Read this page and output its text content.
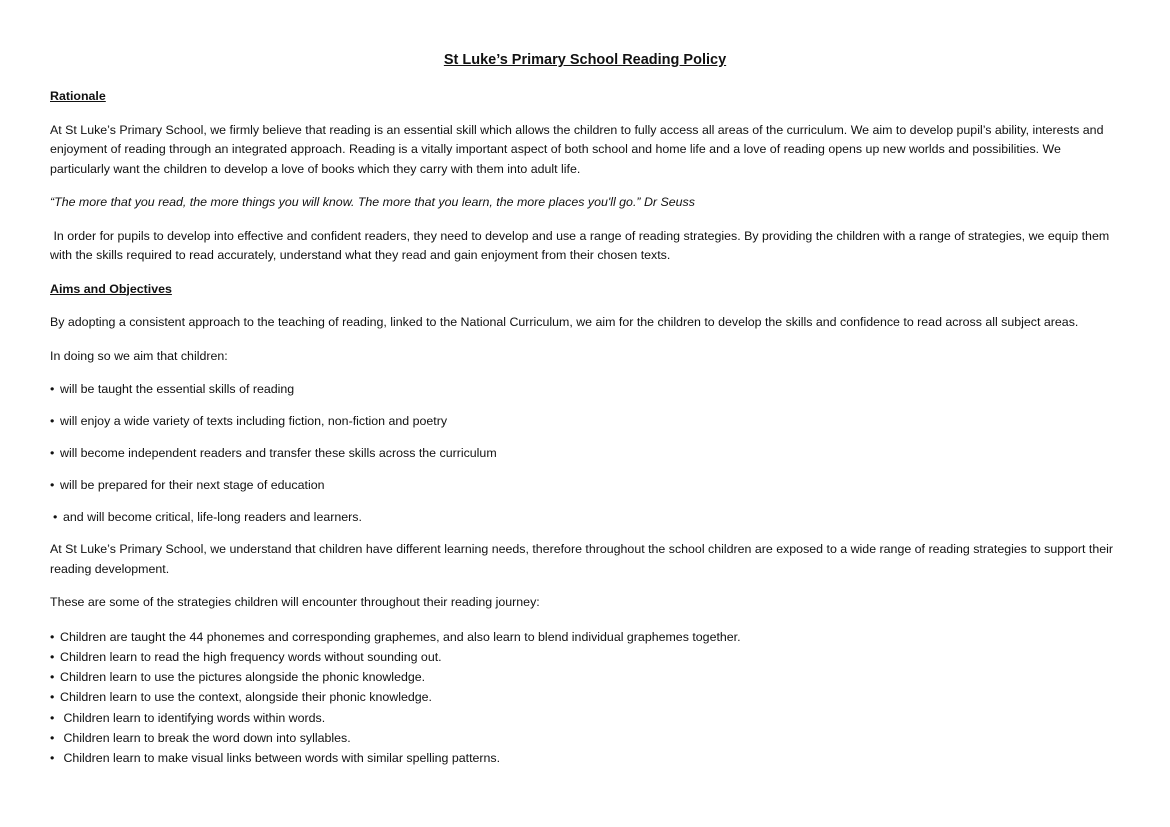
St Luke’s Primary School Reading Policy
Rationale

At St Luke’s Primary School, we firmly believe that reading is an essential skill which allows the children to fully access all areas of the curriculum. We aim to develop pupil’s ability, interests and enjoyment of reading through an integrated approach. Reading is a vitally important aspect of both school and home life and a love of reading opens up new worlds and possibilities. We particularly want the children to develop a love of books which they carry with them into adult life.

“The more that you read, the more things you will know. The more that you learn, the more places you'll go.” Dr Seuss

In order for pupils to develop into effective and confident readers, they need to develop and use a range of reading strategies. By providing the children with a range of strategies, we equip them with the skills required to read accurately, understand what they read and gain enjoyment from their chosen texts.

Aims and Objectives

By adopting a consistent approach to the teaching of reading, linked to the National Curriculum, we aim for the children to develop the skills and confidence to read across all subject areas.

In doing so we aim that children:

• will be taught the essential skills of reading
• will enjoy a wide variety of texts including fiction, non-fiction and poetry
• will become independent readers and transfer these skills across the curriculum
• will be prepared for their next stage of education
• and will become critical, life-long readers and learners.

At St Luke’s Primary School, we understand that children have different learning needs, therefore throughout the school children are exposed to a wide range of reading strategies to support their reading development.

These are some of the strategies children will encounter throughout their reading journey:

• Children are taught the 44 phonemes and corresponding graphemes, and also learn to blend individual graphemes together.
• Children learn to read the high frequency words without sounding out.
• Children learn to use the pictures alongside the phonic knowledge.
• Children learn to use the context, alongside their phonic knowledge.
• Children learn to identifying words within words.
• Children learn to break the word down into syllables.
• Children learn to make visual links between words with similar spelling patterns.
